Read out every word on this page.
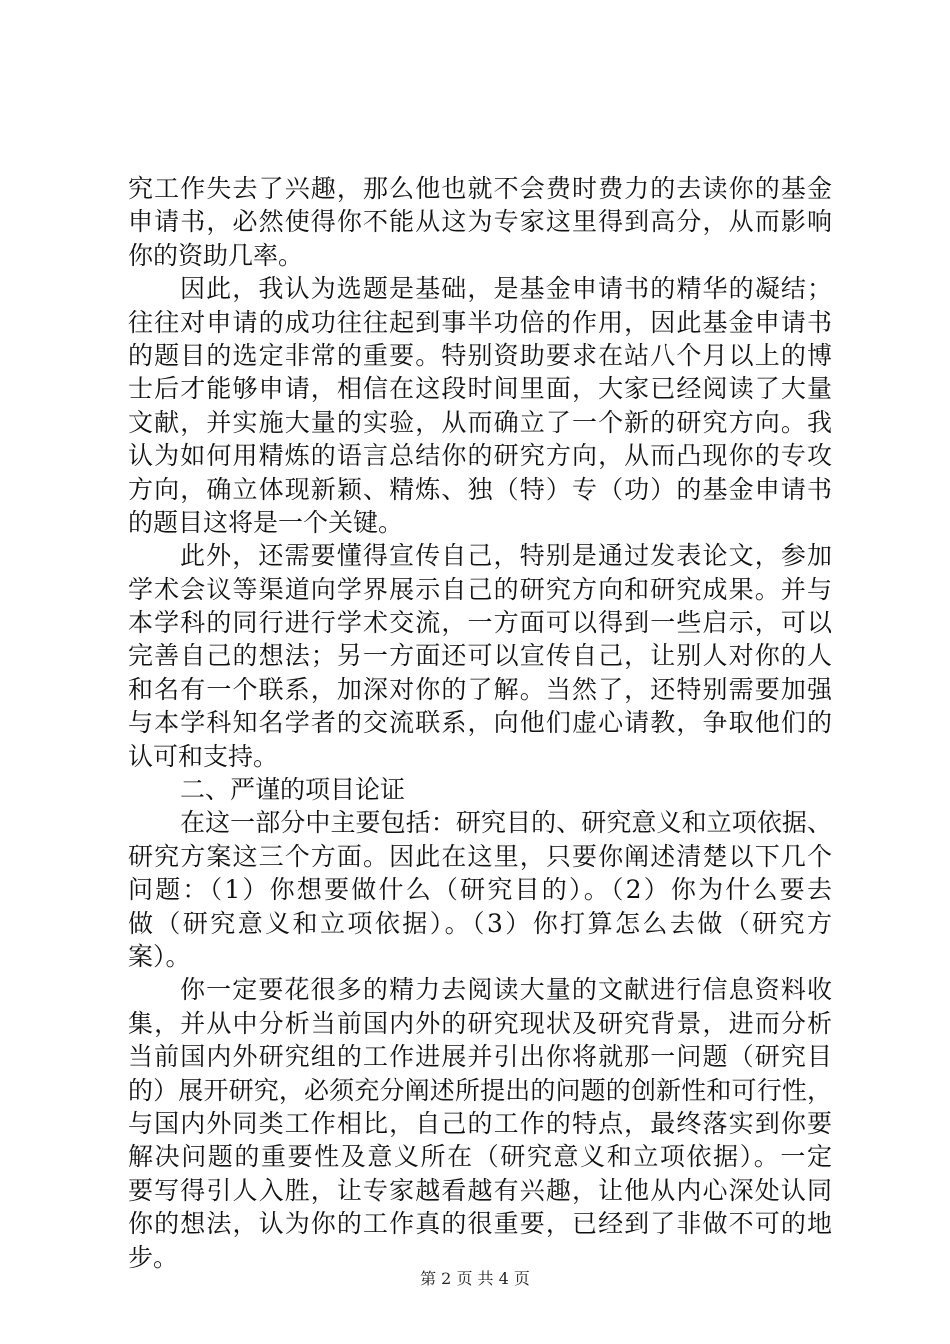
究工作失去了兴趣，那么他也就不会费时费力的去读你的基金
申请书，必然使得你不能从这为专家这里得到高分，从而影响
你的资助几率。
因此，我认为选题是基础，是基金申请书的精华的凝结；
往往对申请的成功往往起到事半功倍的作用，因此基金申请书
的题目的选定非常的重要。特别资助要求在站八个月以上的博
士后才能够申请，相信在这段时间里面，大家已经阅读了大量
文献，并实施大量的实验，从而确立了一个新的研究方向。我
认为如何用精炼的语言总结你的研究方向，从而凸现你的专攻
方向，确立体现新颖、精炼、独（特）专（功）的基金申请书
的题目这将是一个关键。
此外，还需要懂得宣传自己，特别是通过发表论文，参加
学术会议等渠道向学界展示自己的研究方向和研究成果。并与
本学科的同行进行学术交流，一方面可以得到一些启示，可以
完善自己的想法；另一方面还可以宣传自己，让别人对你的人
和名有一个联系，加深对你的了解。当然了，还特别需要加强
与本学科知名学者的交流联系，向他们虚心请教，争取他们的
认可和支持。
二、严谨的项目论证
在这一部分中主要包括：研究目的、研究意义和立项依据、
研究方案这三个方面。因此在这里，只要你阐述清楚以下几个
问题：（1）你想要做什么（研究目的）。（2）你为什么要去
做（研究意义和立项依据）。（3）你打算怎么去做（研究方
案）。
你一定要花很多的精力去阅读大量的文献进行信息资料收
集，并从中分析当前国内外的研究现状及研究背景，进而分析
当前国内外研究组的工作进展并引出你将就那一问题（研究目
的）展开研究，必须充分阐述所提出的问题的创新性和可行性，
与国内外同类工作相比，自己的工作的特点，最终落实到你要
解决问题的重要性及意义所在（研究意义和立项依据）。一定
要写得引人入胜，让专家越看越有兴趣，让他从内心深处认同
你的想法，认为你的工作真的很重要，已经到了非做不可的地
步。
第 2 页 共 4 页
